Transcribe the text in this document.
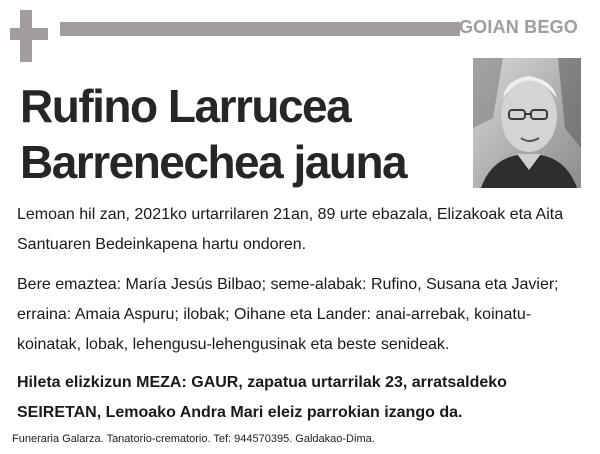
GOIAN BEGO
Rufino Larrucea
Barrenechea jauna
Lemoan hil zan, 2021ko urtarrilaren 21an, 89 urte ebazala, Elizakoak eta Aita Santuaren Bedeinkapena hartu ondoren.
Bere emaztea: María Jesús Bilbao; seme-alabak: Rufino, Susana eta Javier; erraina: Amaia Aspuru; ilobak; Oihane eta Lander: anai-arrebak, koinatu-koinatak, lobak, lehengusu-lehengusinak eta beste senideak.
Hileta elizkizun MEZA: GAUR, zapatua urtarrilak 23, arratsaldeko SEIRETAN, Lemoako Andra Mari eleiz parrokian izango da.
Funeraria Galarza. Tanatorio-crematorio. Tef: 944570395. Galdakao-Dima.
